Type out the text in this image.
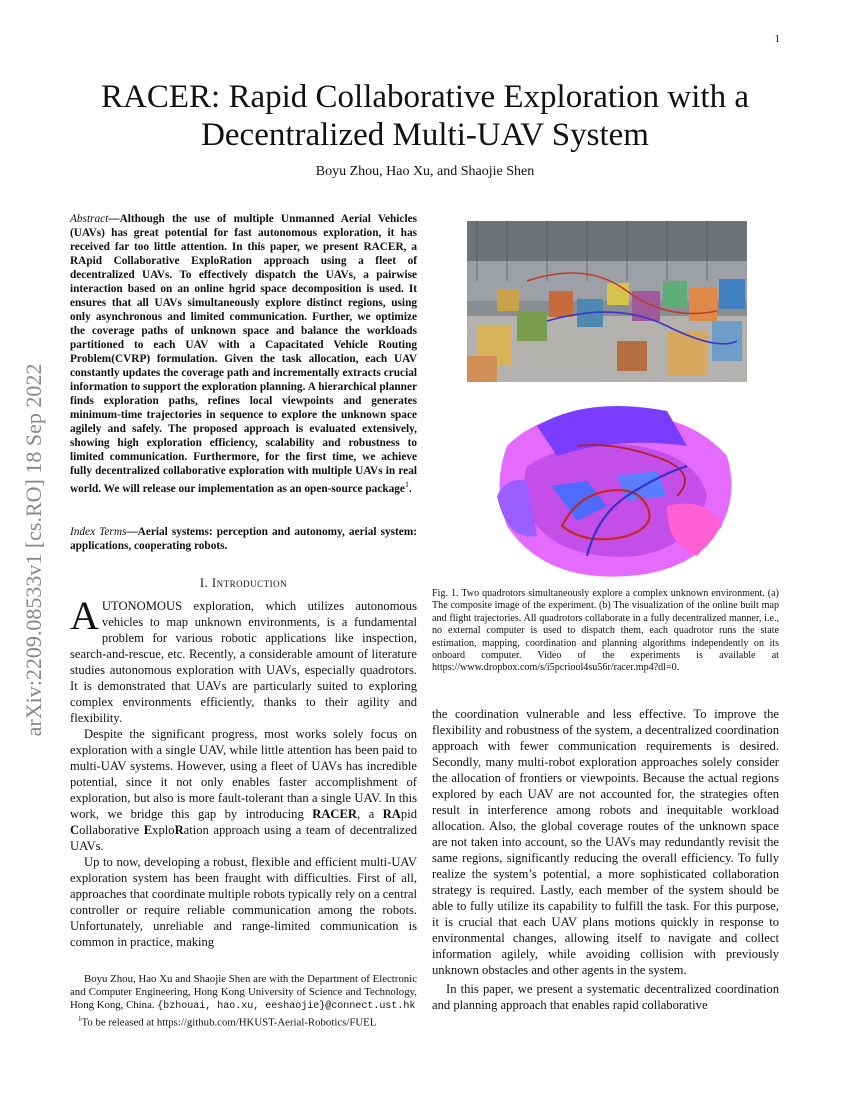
1
arXiv:2209.08533v1 [cs.RO] 18 Sep 2022
RACER: Rapid Collaborative Exploration with a Decentralized Multi-UAV System
Boyu Zhou, Hao Xu, and Shaojie Shen
Abstract—Although the use of multiple Unmanned Aerial Vehicles (UAVs) has great potential for fast autonomous exploration, it has received far too little attention. In this paper, we present RACER, a RApid Collaborative ExploRation approach using a fleet of decentralized UAVs. To effectively dispatch the UAVs, a pairwise interaction based on an online hgrid space decomposition is used. It ensures that all UAVs simultaneously explore distinct regions, using only asynchronous and limited communication. Further, we optimize the coverage paths of unknown space and balance the workloads partitioned to each UAV with a Capacitated Vehicle Routing Problem(CVRP) formulation. Given the task allocation, each UAV constantly updates the coverage path and incrementally extracts crucial information to support the exploration planning. A hierarchical planner finds exploration paths, refines local viewpoints and generates minimum-time trajectories in sequence to explore the unknown space agilely and safely. The proposed approach is evaluated extensively, showing high exploration efficiency, scalability and robustness to limited communication. Furthermore, for the first time, we achieve fully decentralized collaborative exploration with multiple UAVs in real world. We will release our implementation as an open-source package$^1$.
Index Terms—Aerial systems: perception and autonomy, aerial system: applications, cooperating robots.
I. Introduction

AUTONOMOUS exploration, which utilizes autonomous vehicles to map unknown environments, is a fundamental problem for various robotic applications like inspection, search-and-rescue, etc. Recently, a considerable amount of literature studies autonomous exploration with UAVs, especially quadrotors. It is demonstrated that UAVs are particularly suited to exploring complex environments efficiently, thanks to their agility and flexibility.

Despite the significant progress, most works solely focus on exploration with a single UAV, while little attention has been paid to multi-UAV systems. However, using a fleet of UAVs has incredible potential, since it not only enables faster accomplishment of exploration, but also is more fault-tolerant than a single UAV. In this work, we bridge this gap by introducing RACER, a RApid Collaborative ExploRation approach using a team of decentralized UAVs.

Up to now, developing a robust, flexible and efficient multi-UAV exploration system has been fraught with difficulties. First of all, approaches that coordinate multiple robots typically rely on a central controller or require reliable communication among the robots. Unfortunately, unreliable and range-limited communication is common in practice, making

Boyu Zhou, Hao Xu and Shaojie Shen are with the Department of Electronic and Computer Engineering, Hong Kong University of Science and Technology, Hong Kong, China. {bzhouai, hao.xu, eeshaojie}@connect.ust.hk
$^1$To be released at https://github.com/HKUST-Aerial-Robotics/FUEL
Fig. 1. Two quadrotors simultaneously explore a complex unknown environment. (a) The composite image of the experiment. (b) The visualization of the online built map and flight trajectories. All quadrotors collaborate in a fully decentralized manner, i.e., no external computer is used to dispatch them, each quadrotor runs the state estimation, mapping, coordination and planning algorithms independently on its onboard computer. Video of the experiments is available at https://www.dropbox.com/s/i5pcriool4su56r/racer.mp4?dl=0.

the coordination vulnerable and less effective. To improve the flexibility and robustness of the system, a decentralized coordination approach with fewer communication requirements is desired. Secondly, many multi-robot exploration approaches solely consider the allocation of frontiers or viewpoints. Because the actual regions explored by each UAV are not accounted for, the strategies often result in interference among robots and inequitable workload allocation. Also, the global coverage routes of the unknown space are not taken into account, so the UAVs may redundantly revisit the same regions, significantly reducing the overall efficiency. To fully realize the system’s potential, a more sophisticated collaboration strategy is required. Lastly, each member of the system should be able to fully utilize its capability to fulfill the task. For this purpose, it is crucial that each UAV plans motions quickly in response to environmental changes, allowing itself to navigate and collect information agilely, while avoiding collision with previously unknown obstacles and other agents in the system.

In this paper, we present a systematic decentralized coordination and planning approach that enables rapid collaborative
